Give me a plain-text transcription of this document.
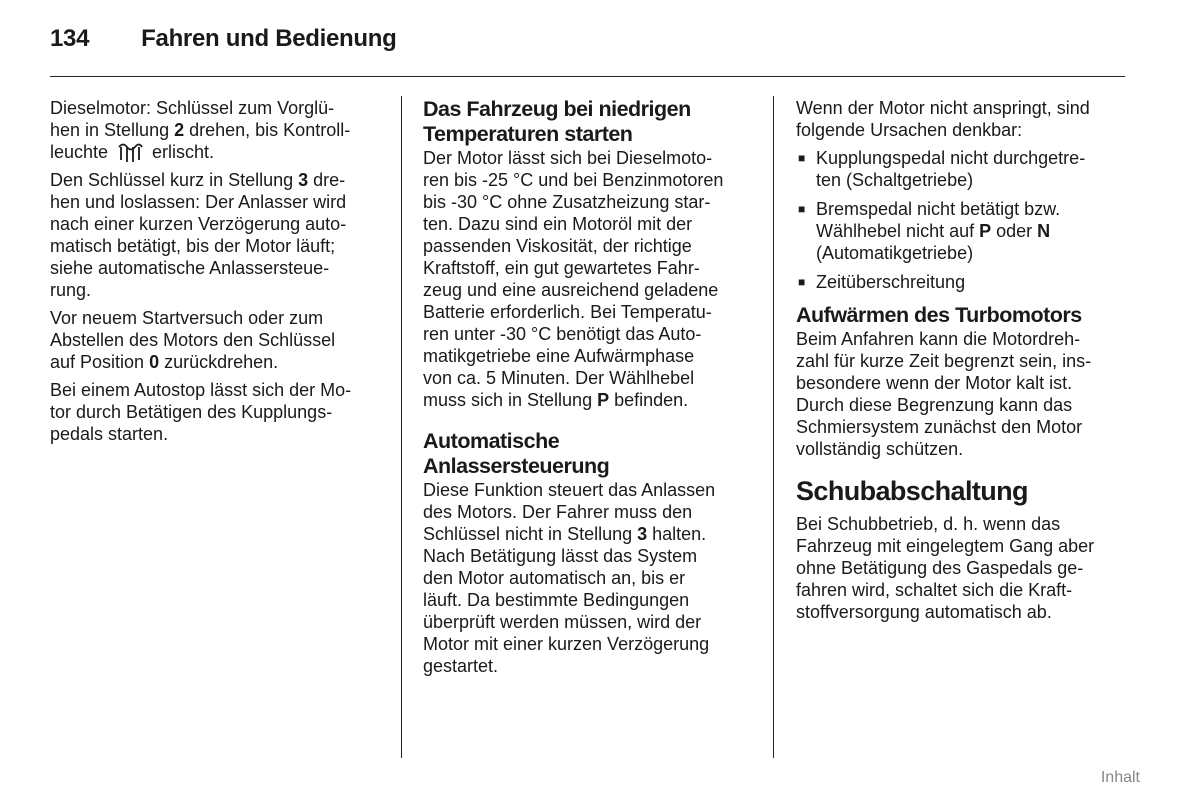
134 Fahren und Bedienung

Dieselmotor: Schlüssel zum Vorglü-
hen in Stellung 2 drehen, bis Kontroll-
leuchte  erlischt.

Den Schlüssel kurz in Stellung 3 dre-
hen und loslassen: Der Anlasser wird
nach einer kurzen Verzögerung auto-
matisch betätigt, bis der Motor läuft;
siehe automatische Anlassersteue-
rung.

Vor neuem Startversuch oder zum
Abstellen des Motors den Schlüssel
auf Position 0 zurückdrehen.

Bei einem Autostop lässt sich der Mo-
tor durch Betätigen des Kupplungs-
pedals starten.

Das Fahrzeug bei niedrigen
Temperaturen starten

Der Motor lässt sich bei Dieselmoto-
ren bis -25 °C und bei Benzinmotoren
bis -30 °C ohne Zusatzheizung star-
ten. Dazu sind ein Motoröl mit der
passenden Viskosität, der richtige
Kraftstoff, ein gut gewartetes Fahr-
zeug und eine ausreichend geladene
Batterie erforderlich. Bei Temperatu-
ren unter -30 °C benötigt das Auto-
matikgetriebe eine Aufwärmphase
von ca. 5 Minuten. Der Wählhebel
muss sich in Stellung P befinden.

Automatische
Anlassersteuerung

Diese Funktion steuert das Anlassen
des Motors. Der Fahrer muss den
Schlüssel nicht in Stellung 3 halten.
Nach Betätigung lässt das System
den Motor automatisch an, bis er
läuft. Da bestimmte Bedingungen
überprüft werden müssen, wird der
Motor mit einer kurzen Verzögerung
gestartet.

Wenn der Motor nicht anspringt, sind
folgende Ursachen denkbar:

■ Kupplungspedal nicht durchgetre-
ten (Schaltgetriebe)
■ Bremspedal nicht betätigt bzw.
Wählhebel nicht auf P oder N
(Automatikgetriebe)
■ Zeitüberschreitung
Aufwärmen des Turbomotors

Beim Anfahren kann die Motordreh-
zahl für kurze Zeit begrenzt sein, ins-
besondere wenn der Motor kalt ist.
Durch diese Begrenzung kann das
Schmiersystem zunächst den Motor
vollständig schützen.

Schubabschaltung

Bei Schubbetrieb, d. h. wenn das
Fahrzeug mit eingelegtem Gang aber
ohne Betätigung des Gaspedals ge-
fahren wird, schaltet sich die Kraft-
stoffversorgung automatisch ab.

Inhalt
